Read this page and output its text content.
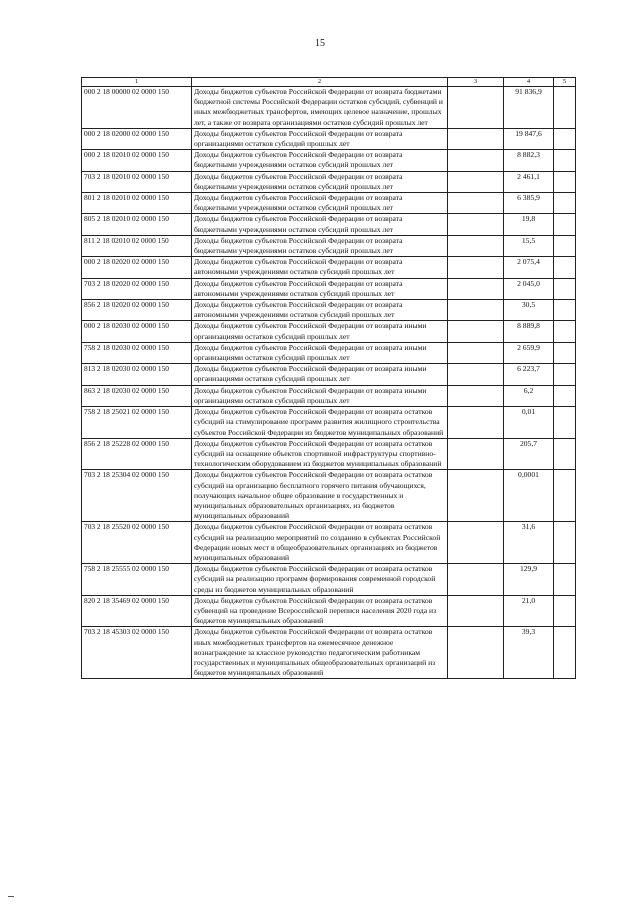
15
1	2	3	4	5
000 2 18 00000 02 0000 150	Доходы бюджетов субъектов Российской Федерации от возврата бюджетами бюджетной системы Российской Федерации остатков субсидий, субвенций и иных межбюджетных трансфертов, имеющих целевое назначение, прошлых лет, а также от возврата организациями остатков субсидий прошлых лет		91 836,9	
000 2 18 02000 02 0000 150	Доходы бюджетов субъектов Российской Федерации от возврата организациями остатков субсидий прошлых лет		19 847,6	
000 2 18 02010 02 0000 150	Доходы бюджетов субъектов Российской Федерации от возврата бюджетными учреждениями остатков субсидий прошлых лет		8 882,3	
703 2 18 02010 02 0000 150	Доходы бюджетов субъектов Российской Федерации от возврата бюджетными учреждениями остатков субсидий прошлых лет		2 461,1	
801 2 18 02010 02 0000 150	Доходы бюджетов субъектов Российской Федерации от возврата бюджетными учреждениями остатков субсидий прошлых лет		6 385,9	
805 2 18 02010 02 0000 150	Доходы бюджетов субъектов Российской Федерации от возврата бюджетными учреждениями остатков субсидий прошлых лет		19,8	
811 2 18 02010 02 0000 150	Доходы бюджетов субъектов Российской Федерации от возврата бюджетными учреждениями остатков субсидий прошлых лет		15,5	
000 2 18 02020 02 0000 150	Доходы бюджетов субъектов Российской Федерации от возврата автономными учреждениями остатков субсидий прошлых лет		2 075,4	
703 2 18 02020 02 0000 150	Доходы бюджетов субъектов Российской Федерации от возврата автономными учреждениями остатков субсидий прошлых лет		2 045,0	
856 2 18 02020 02 0000 150	Доходы бюджетов субъектов Российской Федерации от возврата автономными учреждениями остатков субсидий прошлых лет		30,5	
000 2 18 02030 02 0000 150	Доходы бюджетов субъектов Российской Федерации от возврата иными организациями остатков субсидий прошлых лет		8 889,8	
758 2 18 02030 02 0000 150	Доходы бюджетов субъектов Российской Федерации от возврата иными организациями остатков субсидий прошлых лет		2 659,9	
813 2 18 02030 02 0000 150	Доходы бюджетов субъектов Российской Федерации от возврата иными организациями остатков субсидий прошлых лет		6 223,7	
863 2 18 02030 02 0000 150	Доходы бюджетов субъектов Российской Федерации от возврата иными организациями остатков субсидий прошлых лет		6,2	
758 2 18 25021 02 0000 150	Доходы бюджетов субъектов Российской Федерации от возврата остатков субсидий на стимулирование программ развития жилищного строительства субъектов Российской Федерации из бюджетов муниципальных образований		0,01	
856 2 18 25228 02 0000 150	Доходы бюджетов субъектов Российской Федерации от возврата остатков субсидий на оснащение объектов спортивной инфраструктуры спортивно-технологическим оборудованием из бюджетов муниципальных образований		205,7	
703 2 18 25304 02 0000 150	Доходы бюджетов субъектов Российской Федерации от возврата остатков субсидий на организацию бесплатного горячего питания обучающихся, получающих начальное общее образование в государственных и муниципальных образовательных организациях, из бюджетов муниципальных образований		0,0001	
703 2 18 25520 02 0000 150	Доходы бюджетов субъектов Российской Федерации от возврата остатков субсидий на реализацию мероприятий по созданию в субъектах Российской Федерации новых мест в общеобразовательных организациях из бюджетов муниципальных образований		31,6	
758 2 18 25555 02 0000 150	Доходы бюджетов субъектов Российской Федерации от возврата остатков субсидий на реализацию программ формирования современной городской среды из бюджетов муниципальных образований		129,9	
820 2 18 35469 02 0000 150	Доходы бюджетов субъектов Российской Федерации от возврата остатков субвенций на проведение Всероссийской переписи населения 2020 года из бюджетов муниципальных образований		21,0	
703 2 18 45303 02 0000 150	Доходы бюджетов субъектов Российской Федерации от возврата остатков иных межбюджетных трансфертов на ежемесячное денежное вознаграждение за классное руководство педагогическим работникам государственных и муниципальных общеобразовательных организаций из бюджетов муниципальных образований		39,3	
